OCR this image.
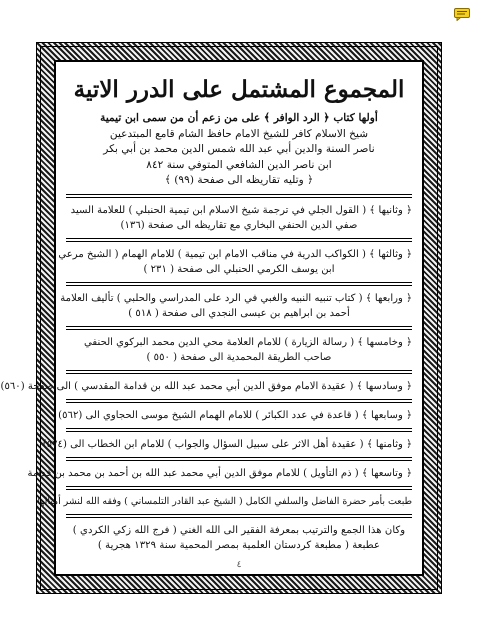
المجموع المشتمل على الدرر الاتية

أولها كتاب ﴿ الرد الوافر ﴾ على من زعم أن من سمى ابن تيمية

شيخ الاسلام كافر للشيخ الامام حافظ الشام قامع المبتدعين

ناصر السنة والدين أبي عبد الله شمس الدين محمد بن أبي بكر

ابن ناصر الدين الشافعي المتوفي سنة ٨٤٢

﴿ وتليه تقاريظه الى صفحة (٩٩) ﴾

﴿ وثانيها ﴾ ( القول الجلي في ترجمة شيخ الاسلام ابن تيمية الحنبلي ) للعلامة السيد

صفي الدين الحنفي البخاري مع تقاريظه الى صفحة (١٣٦)

﴿ وثالثها ﴾ ( الكواكب الدرية في مناقب الامام ابن تيمية ) للامام الهمام ( الشيخ مرعي

ابن يوسف الكرمي الحنبلي الى صفحة ( ٢٣١ )

﴿ ورابعها ﴾ ( كتاب تنبيه النبيه والغبي في الرد على المدراسي والحلبي ) تأليف العلامة

أحمد بن ابراهيم بن عيسى النجدي الى صفحة ( ٥١٨ )

﴿ وخامسها ﴾ ( رسالة الزيارة ) للامام العلامة محي الدين محمد البركوي الحنفي

صاحب الطريقة المحمدية الى صفحة ( ٥٥٠ )

﴿ وسادسها ﴾ ( عقيدة الامام موفق الدين أبي محمد عبد الله بن قدامة المقدسي ) الى صفحة (٥٦٠)

﴿ وسابعها ﴾ ( قاعدة في عدد الكبائر ) للامام الهمام الشيخ موسى الحجاوي الى (٥٦٢)

﴿ وثامنها ﴾ ( عقيدة أهل الاثر على سبيل السؤال والجواب ) للامام ابن الخطاب الى (٥٧٤)

﴿ وتاسعها ﴾ ( ذم التأويل ) للامام موفق الدين أبي محمد عبد الله بن أحمد بن محمد بن قدامة

طبعت بأمر حضرة الفاضل والسلفي الكامل ( الشيخ عبد القادر التلمساني ) وفقه الله لنشر أمثالها

وكان هذا الجمع والترتيب بمعرفة الفقير الى الله الغني ( فرج الله زكي الكردي )

عطبعة ( مطبعة كردستان العلمية بمصر المحمية سنة ١٣٢٩ هجرية )

٤
